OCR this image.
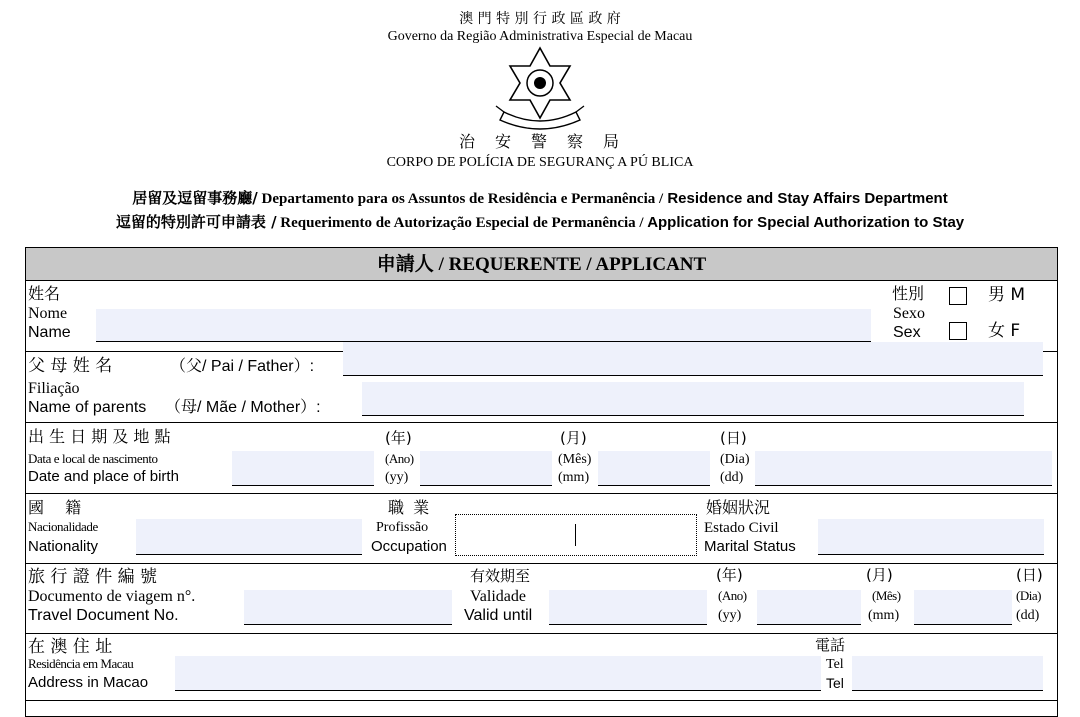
澳 門 特 別 行 政 區 政 府
Governo da Região Administrativa Especial de Macau
治　安　警　察　局
CORPO DE POLÍCIA DE SEGURANÇ A PÚ BLICA
居留及逗留事務廳/ Departamento para os Assuntos de Residência e Permanência / Residence and Stay Affairs Department
逗留的特別許可申請表 / Requerimento de Autorização Especial de Permanência / Application for Special Authorization to Stay
申請人 / REQUERENTE / APPLICANT
姓名
Nome
Name
性別
Sexo
Sex
男 M
女 F
父 母 姓 名	（父/ Pai / Father）:
Filiação
Name of parents （母/ Mãe / Mother）:
出 生 日 期 及 地 點
Data e local de nascimento
Date and place of birth
(年)
(Ano)
(yy)
(月)
(Mês)
(mm)
(日)
(Dia)
(dd)
國　 籍
Nacionalidade
Nationality
職 業
Profissão
Occupation
婚姻狀況
Estado Civil
Marital Status
旅 行 證 件 編 號
Documento de viagem n°.
Travel Document No.
有效期至
Validade
Valid until
(年)
(Ano)
(yy)
(月)
(Mês)
(mm)
(日)
(Dia)
(dd)
在 澳 住 址
Residência em Macau
Address in Macao
電話
Tel
Tel
